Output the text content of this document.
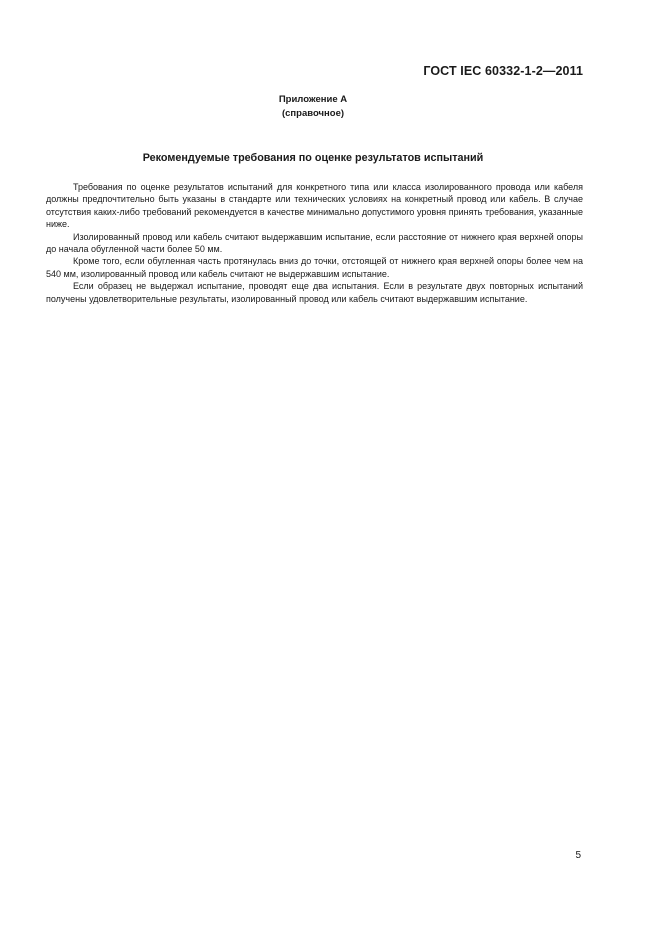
ГОСТ IEC 60332-1-2—2011
Приложение А
(справочное)
Рекомендуемые требования по оценке результатов испытаний

Требования по оценке результатов испытаний для конкретного типа или класса изолированного провода или кабеля должны предпочтительно быть указаны в стандарте или технических условиях на конкретный провод или кабель. В случае отсутствия каких-либо требований рекомендуется в качестве минимально допустимого уровня принять требования, указанные ниже.

Изолированный провод или кабель считают выдержавшим испытание, если расстояние от нижнего края верхней опоры до начала обугленной части более 50 мм.

Кроме того, если обугленная часть протянулась вниз до точки, отстоящей от нижнего края верхней опоры более чем на 540 мм, изолированный провод или кабель считают не выдержавшим испытание.

Если образец не выдержал испытание, проводят еще два испытания. Если в результате двух повторных испытаний получены удовлетворительные результаты, изолированный провод или кабель считают выдержавшим испытание.

5
